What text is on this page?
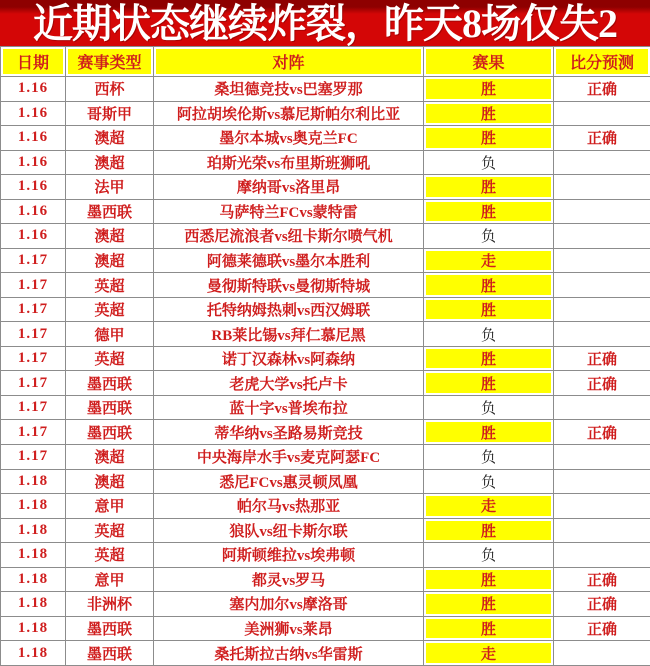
近期状态继续炸裂，昨天8场仅失2
日期	赛事类型	对阵	赛果	比分预测
1.16	西杯	桑坦德竞技vs巴塞罗那	胜	正确
1.16	哥斯甲	阿拉胡埃伦斯vs慕尼斯帕尔利比亚	胜	
1.16	澳超	墨尔本城vs奥克兰FC	胜	正确
1.16	澳超	珀斯光荣vs布里斯班狮吼	负	
1.16	法甲	摩纳哥vs洛里昂	胜	
1.16	墨西联	马萨特兰FCvs蒙特雷	胜	
1.16	澳超	西悉尼流浪者vs纽卡斯尔喷气机	负	
1.17	澳超	阿德莱德联vs墨尔本胜利	走	
1.17	英超	曼彻斯特联vs曼彻斯特城	胜	
1.17	英超	托特纳姆热刺vs西汉姆联	胜	
1.17	德甲	RB莱比锡vs拜仁慕尼黑	负	
1.17	英超	诺丁汉森林vs阿森纳	胜	正确
1.17	墨西联	老虎大学vs托卢卡	胜	正确
1.17	墨西联	蓝十字vs普埃布拉	负	
1.17	墨西联	蒂华纳vs圣路易斯竞技	胜	正确
1.17	澳超	中央海岸水手vs麦克阿瑟FC	负	
1.18	澳超	悉尼FCvs惠灵顿凤凰	负	
1.18	意甲	帕尔马vs热那亚	走	
1.18	英超	狼队vs纽卡斯尔联	胜	
1.18	英超	阿斯顿维拉vs埃弗顿	负	
1.18	意甲	都灵vs罗马	胜	正确
1.18	非洲杯	塞内加尔vs摩洛哥	胜	正确
1.18	墨西联	美洲狮vs莱昂	胜	正确
1.18	墨西联	桑托斯拉古纳vs华雷斯	走	
